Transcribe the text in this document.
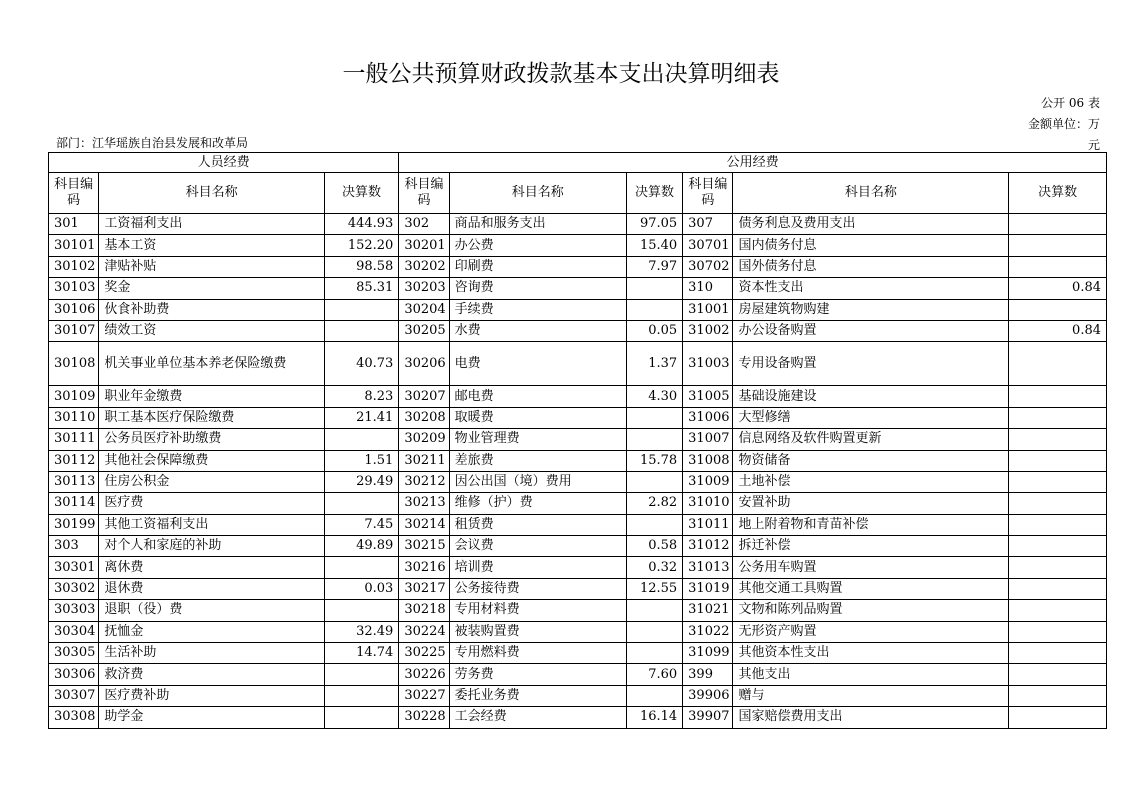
一般公共预算财政拨款基本支出决算明细表
公开 06 表
金额单位：万
元
部门：江华瑶族自治县发展和改革局
人员经费			公用经费					
科目编码	科目名称	决算数	科目编码	科目名称	决算数	科目编码	科目名称	决算数
301	工资福利支出	444.93	302	商品和服务支出	97.05	307	债务利息及费用支出	
30101	基本工资	152.20	30201	办公费	15.40	30701	国内债务付息	
30102	津贴补贴	98.58	30202	印刷费	7.97	30702	国外债务付息	
30103	奖金	85.31	30203	咨询费		310	资本性支出	0.84
30106	伙食补助费		30204	手续费		31001	房屋建筑物购建	
30107	绩效工资		30205	水费	0.05	31002	办公设备购置	0.84
30108	机关事业单位基本养老保险缴费	40.73	30206	电费	1.37	31003	专用设备购置	
30109	职业年金缴费	8.23	30207	邮电费	4.30	31005	基础设施建设	
30110	职工基本医疗保险缴费	21.41	30208	取暖费		31006	大型修缮	
30111	公务员医疗补助缴费		30209	物业管理费		31007	信息网络及软件购置更新	
30112	其他社会保障缴费	1.51	30211	差旅费	15.78	31008	物资储备	
30113	住房公积金	29.49	30212	因公出国（境）费用		31009	土地补偿	
30114	医疗费		30213	维修（护）费	2.82	31010	安置补助	
30199	其他工资福利支出	7.45	30214	租赁费		31011	地上附着物和青苗补偿	
303	对个人和家庭的补助	49.89	30215	会议费	0.58	31012	拆迁补偿	
30301	离休费		30216	培训费	0.32	31013	公务用车购置	
30302	退休费	0.03	30217	公务接待费	12.55	31019	其他交通工具购置	
30303	退职（役）费		30218	专用材料费		31021	文物和陈列品购置	
30304	抚恤金	32.49	30224	被装购置费		31022	无形资产购置	
30305	生活补助	14.74	30225	专用燃料费		31099	其他资本性支出	
30306	救济费		30226	劳务费	7.60	399	其他支出	
30307	医疗费补助		30227	委托业务费		39906	赠与	
30308	助学金		30228	工会经费	16.14	39907	国家赔偿费用支出	
